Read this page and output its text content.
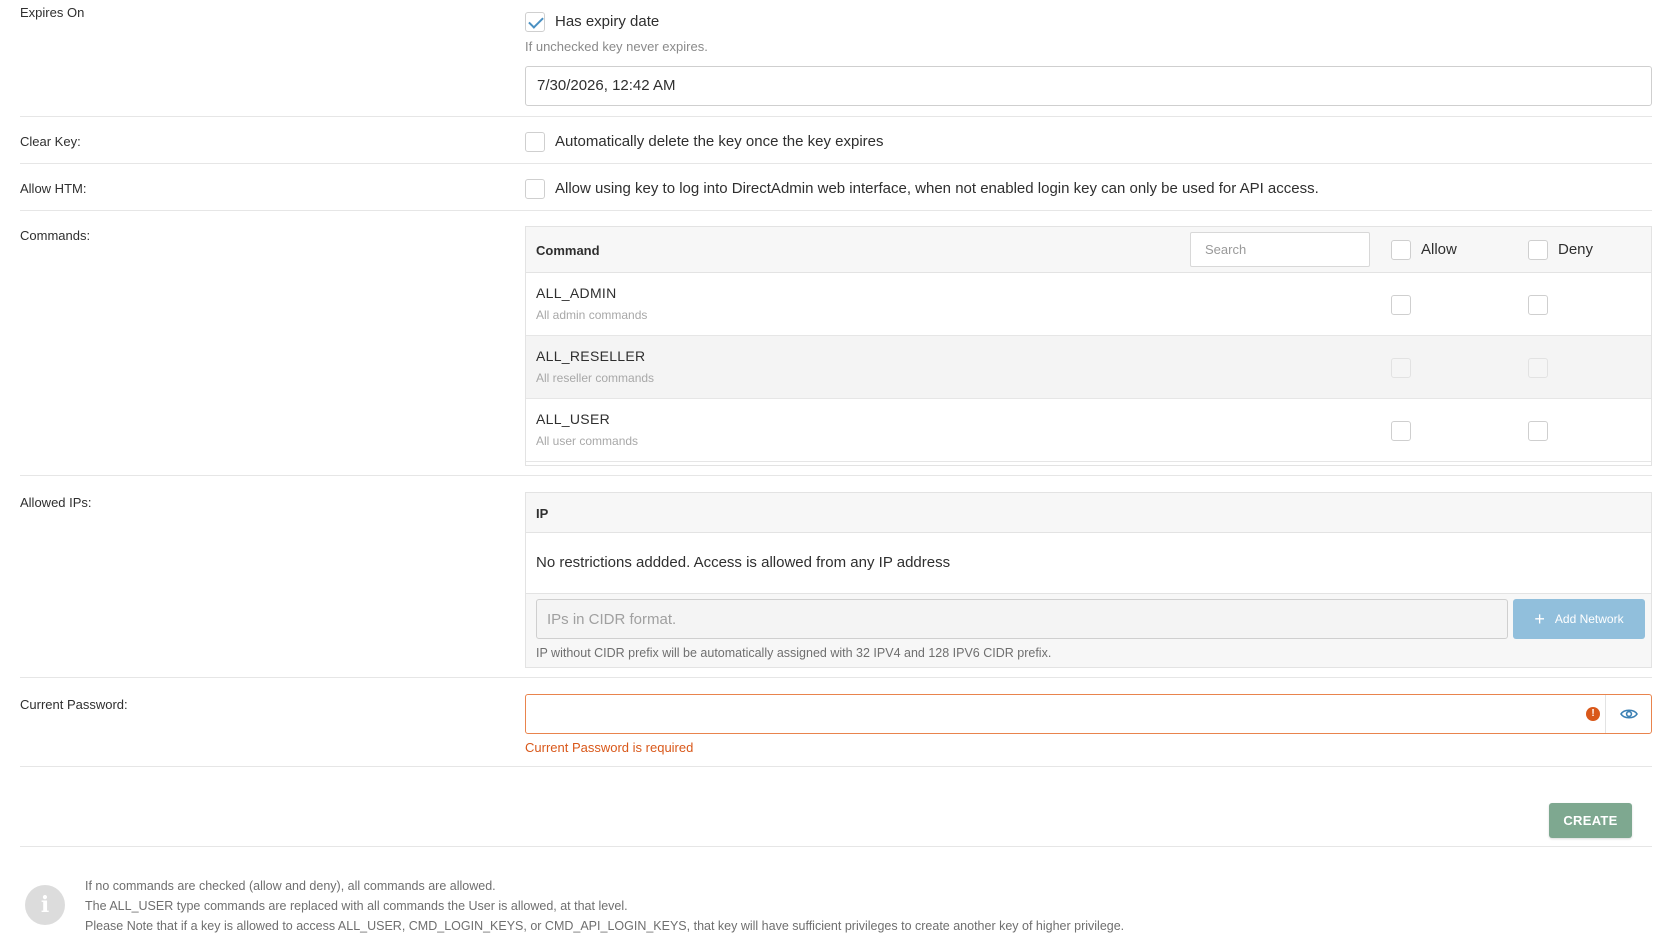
Expires On
Has expiry date
If unchecked key never expires.
7/30/2026, 12:42 AM
Clear Key:	Automatically delete the key once the key expires
Allow HTM:	Allow using key to log into DirectAdmin web interface, when not enabled login key can only be used for API access.
Commands:
Command
Search	Allow	Deny
ALL_ADMIN
All admin commands
ALL_RESELLER
All reseller commands
ALL_USER
All user commands
Allowed IPs:
IP
No restrictions addded. Access is allowed from any IP address
IPs in CIDR format.
+ Add Network
IP without CIDR prefix will be automatically assigned with 32 IPV4 and 128 IPV6 CIDR prefix.
Current Password:
!
Current Password is required
CREATE
i
If no commands are checked (allow and deny), all commands are allowed.
The ALL_USER type commands are replaced with all commands the User is allowed, at that level.
Please Note that if a key is allowed to access ALL_USER, CMD_LOGIN_KEYS, or CMD_API_LOGIN_KEYS, that key will have sufficient privileges to create another key of higher privilege.
